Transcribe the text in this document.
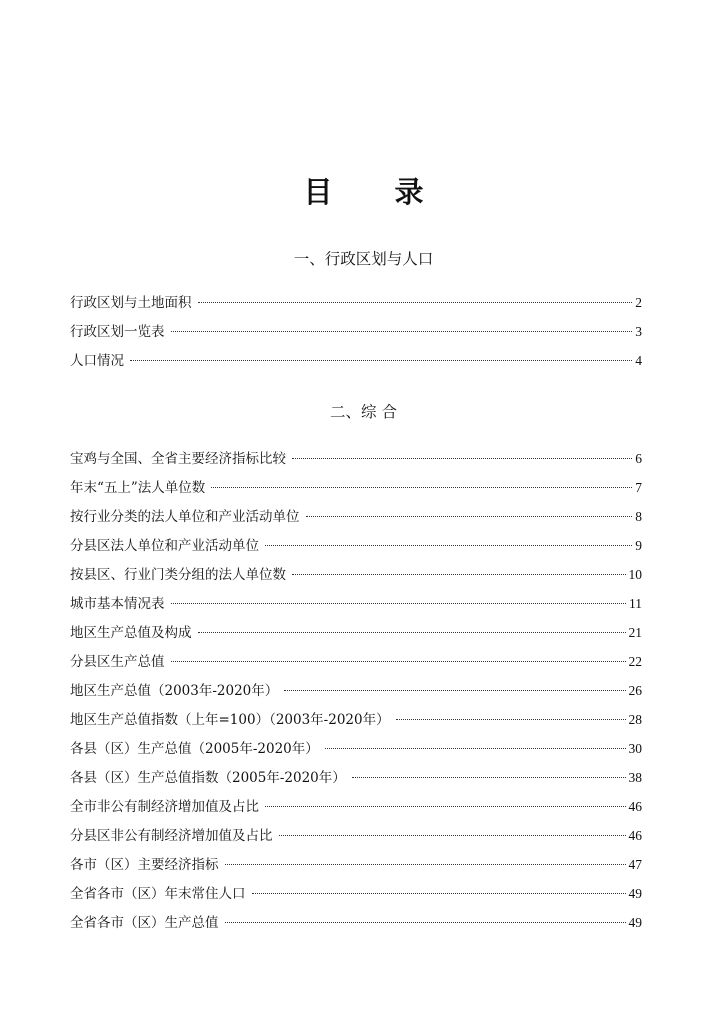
目 录
一、行政区划与人口
行政区划与土地面积	2
行政区划一览表	3
人口情况	4
二、综 合
宝鸡与全国、全省主要经济指标比较	6
年末“五上”法人单位数	7
按行业分类的法人单位和产业活动单位	8
分县区法人单位和产业活动单位	9
按县区、行业门类分组的法人单位数	10
城市基本情况表	11
地区生产总值及构成	21
分县区生产总值	22
地区生产总值（2003年-2020年）	26
地区生产总值指数（上年=100）（2003年-2020年）	28
各县（区）生产总值（2005年-2020年）	30
各县（区）生产总值指数（2005年-2020年）	38
全市非公有制经济增加值及占比	46
分县区非公有制经济增加值及占比	46
各市（区）主要经济指标	47
全省各市（区）年末常住人口	49
全省各市（区）生产总值	49
